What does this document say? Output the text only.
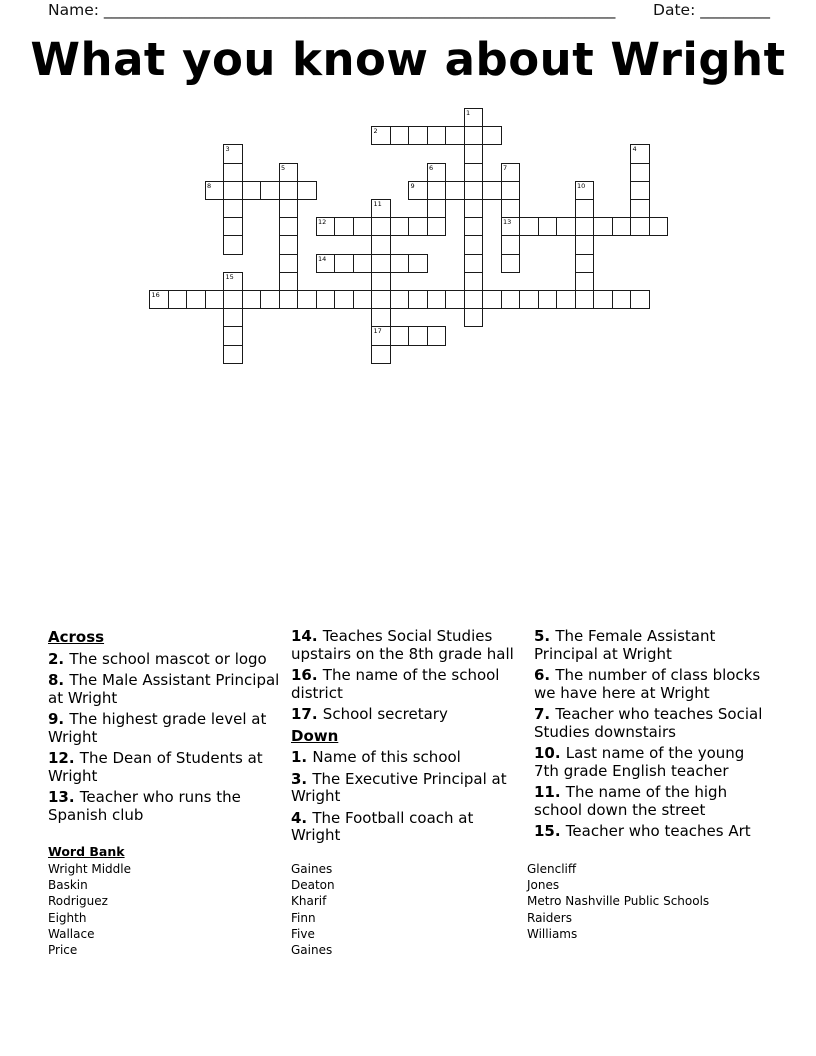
Name: __________________________________________________________________ Date: _________
What you know about Wright
1
2
3	4
5	6	7
13
8	9	10
11
17
12
14
15
16
Across
2. The school mascot or logo
8. The Male Assistant Principal at Wright
9. The highest grade level at Wright
12. The Dean of Students at Wright
13. Teacher who runs the Spanish club
14. Teaches Social Studies upstairs on the 8th grade hall
16. The name of the school district
17. School secretary
Down
1. Name of this school
3. The Executive Principal at Wright
4. The Football coach at Wright
5. The Female Assistant Principal at Wright
6. The number of class blocks we have here at Wright
7. Teacher who teaches Social Studies downstairs
10. Last name of the young 7th grade English teacher
11. The name of the high school down the street
15. Teacher who teaches Art
Word Bank
Wright Middle
Baskin
Rodriguez
Eighth
Wallace
Price
Gaines
Deaton
Kharif
Finn
Five
Gaines
Glencliff
Jones
Metro Nashville Public Schools
Raiders
Williams
